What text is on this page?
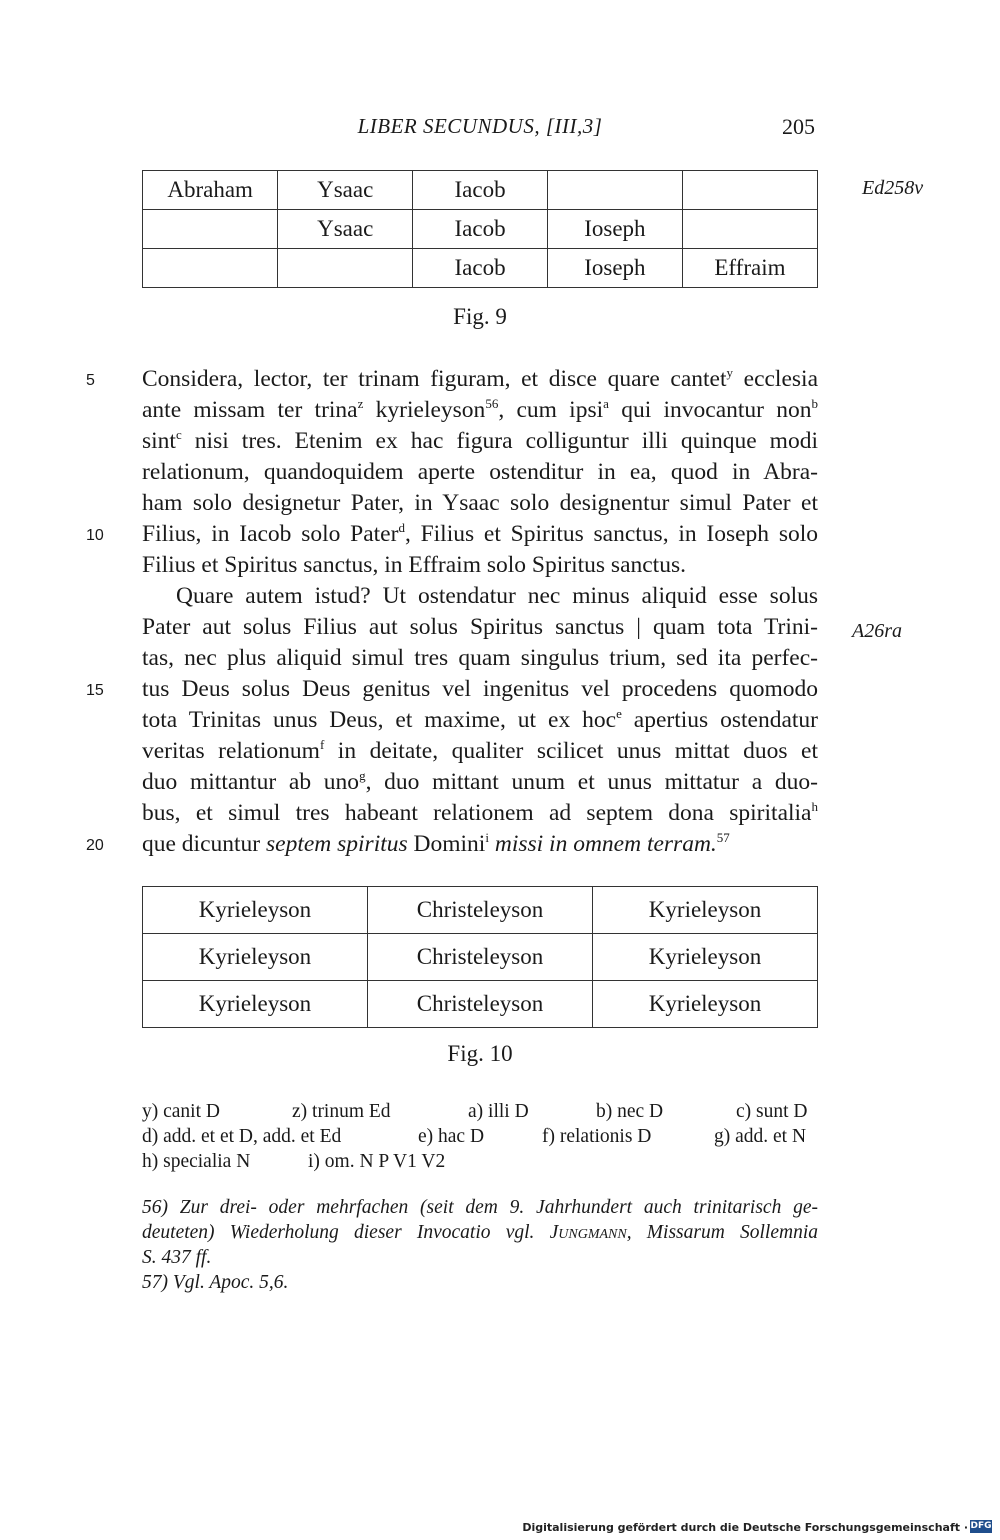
LIBER SECUNDUS, [III,3]	205
Ed258v
A26ra
Abraham	Ysaac	Iacob		
	Ysaac	Iacob	Ioseph	
		Iacob	Ioseph	Effraim
Fig. 9
5
10
15
20
Considera, lector, ter trinam figuram, et disce quare cantet$^y$ ecclesia
ante missam ter trina$^z$ kyrieleyson$^{56}$, cum ipsi$^a$ qui invocantur non$^b$
sint$^c$ nisi tres. Etenim ex hac figura colliguntur illi quinque modi
relationum, quandoquidem aperte ostenditur in ea, quod in Abra-
ham solo designetur Pater, in Ysaac solo designentur simul Pater et
Filius, in Iacob solo Pater$^d$, Filius et Spiritus sanctus, in Ioseph solo
Filius et Spiritus sanctus, in Effraim solo Spiritus sanctus.
Quare autem istud? Ut ostendatur nec minus aliquid esse solus
Pater aut solus Filius aut solus Spiritus sanctus | quam tota Trini-
tas, nec plus aliquid simul tres quam singulus trium, sed ita perfec-
tus Deus solus Deus genitus vel ingenitus vel procedens quomodo
tota Trinitas unus Deus, et maxime, ut ex hoc$^e$ apertius ostendatur
veritas relationum$^f$ in deitate, qualiter scilicet unus mittat duos et
duo mittantur ab uno$^g$, duo mittant unum et unus mittatur a duo-
bus, et simul tres habeant relationem ad septem dona spiritalia$^h$
que dicuntur septem spiritus Domini$^i$ missi in omnem terram.$^{57}$
Kyrieleyson	Christeleyson	Kyrieleyson
Kyrieleyson	Christeleyson	Kyrieleyson
Kyrieleyson	Christeleyson	Kyrieleyson
Fig. 10
y) canit D	z) trinum Ed	a) illi D	b) nec D	c) sunt D
d) add. et et D, add. et Ed	e) hac D	f) relationis D	g) add. et N
h) specialia N	i) om. N P V1 V2
56) Zur drei- oder mehrfachen (seit dem 9. Jahrhundert auch trinitarisch ge-
deuteten) Wiederholung dieser Invocatio vgl. Jungmann, Missarum Sollemnia
S. 437 ff.
57) Vgl. Apoc. 5,6.
Digitalisierung gefördert durch die Deutsche Forschungsgemeinschaft · DFG
